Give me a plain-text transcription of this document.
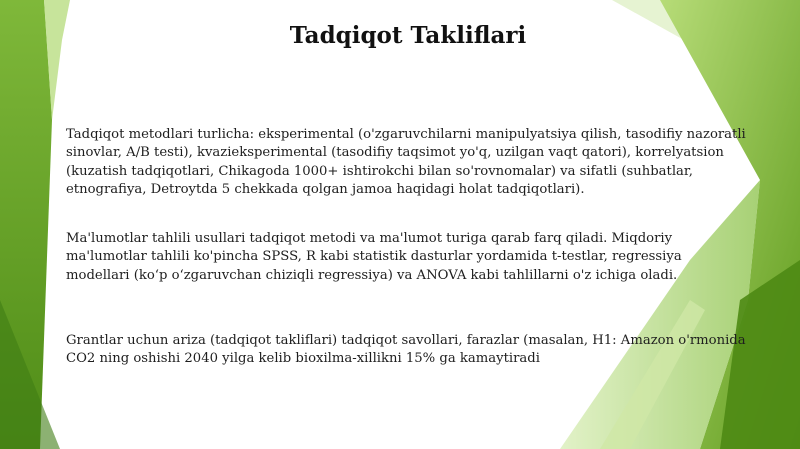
Tadqiqot Takliflari

Tadqiqot metodlari turlicha: eksperimental (o'zgaruvchilarni manipulyatsiya qilish, tasodifiy nazoratli sinovlar, A/B testi), kvazieksperimental (tasodifiy taqsimot yo'q, uzilgan vaqt qatori), korrelyatsion (kuzatish tadqiqotlari, Chikagoda 1000+ ishtirokchi bilan so'rovnomalar) va sifatli (suhbatlar, etnografiya, Detroytda 5 chekkada qolgan jamoa haqidagi holat tadqiqotlari).

Ma'lumotlar tahlili usullari tadqiqot metodi va ma'lumot turiga qarab farq qiladi. Miqdoriy ma'lumotlar tahlili ko'pincha SPSS, R kabi statistik dasturlar yordamida t-testlar, regressiya modellari (ko‘p o‘zgaruvchan chiziqli regressiya) va ANOVA kabi tahlillarni o'z ichiga oladi.

Grantlar uchun ariza (tadqiqot takliflari) tadqiqot savollari, farazlar (masalan, H1: Amazon o'rmonida CO2 ning oshishi 2040 yilga kelib bioxilma-xillikni 15% ga kamaytiradi
